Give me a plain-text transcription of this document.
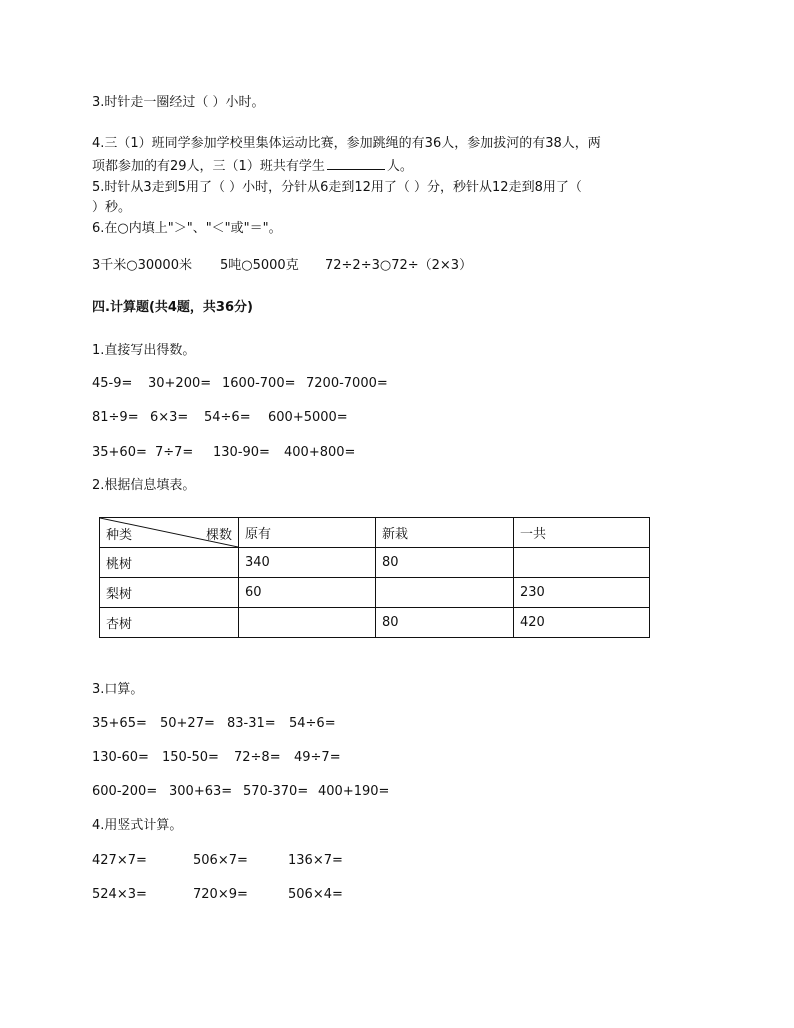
3.时针走一圈经过（ ）小时。
4.三（1）班同学参加学校里集体运动比赛，参加跳绳的有36人，参加拔河的有38人，两
项都参加的有29人，三（1）班共有学生	人。
5.时针从3走到5用了（ ）小时，分针从6走到12用了（ ）分，秒针从12走到8用了（
）秒。
6.在○内填上"＞"、"＜"或"＝"。
3千米○30000米 5吨○5000克 72÷2÷3○72÷（2×3）
四.计算题(共4题，共36分)
1.直接写出得数。
45-9= 30+200= 1600-700= 7200-7000=
81÷9= 6×3= 54÷6= 600+5000=
35+60= 7÷7= 130-90= 400+800=
2.根据信息填表。
种类 棵数	原有	新栽	一共
桃树	340	80	
梨树	60		230
杏树		80	420
3.口算。
35+65= 50+27= 83-31= 54÷6=
130-60= 150-50= 72÷8= 49÷7=
600-200= 300+63= 570-370= 400+190=
4.用竖式计算。
427×7=	506×7=	136×7=
524×3=	720×9=	506×4=
